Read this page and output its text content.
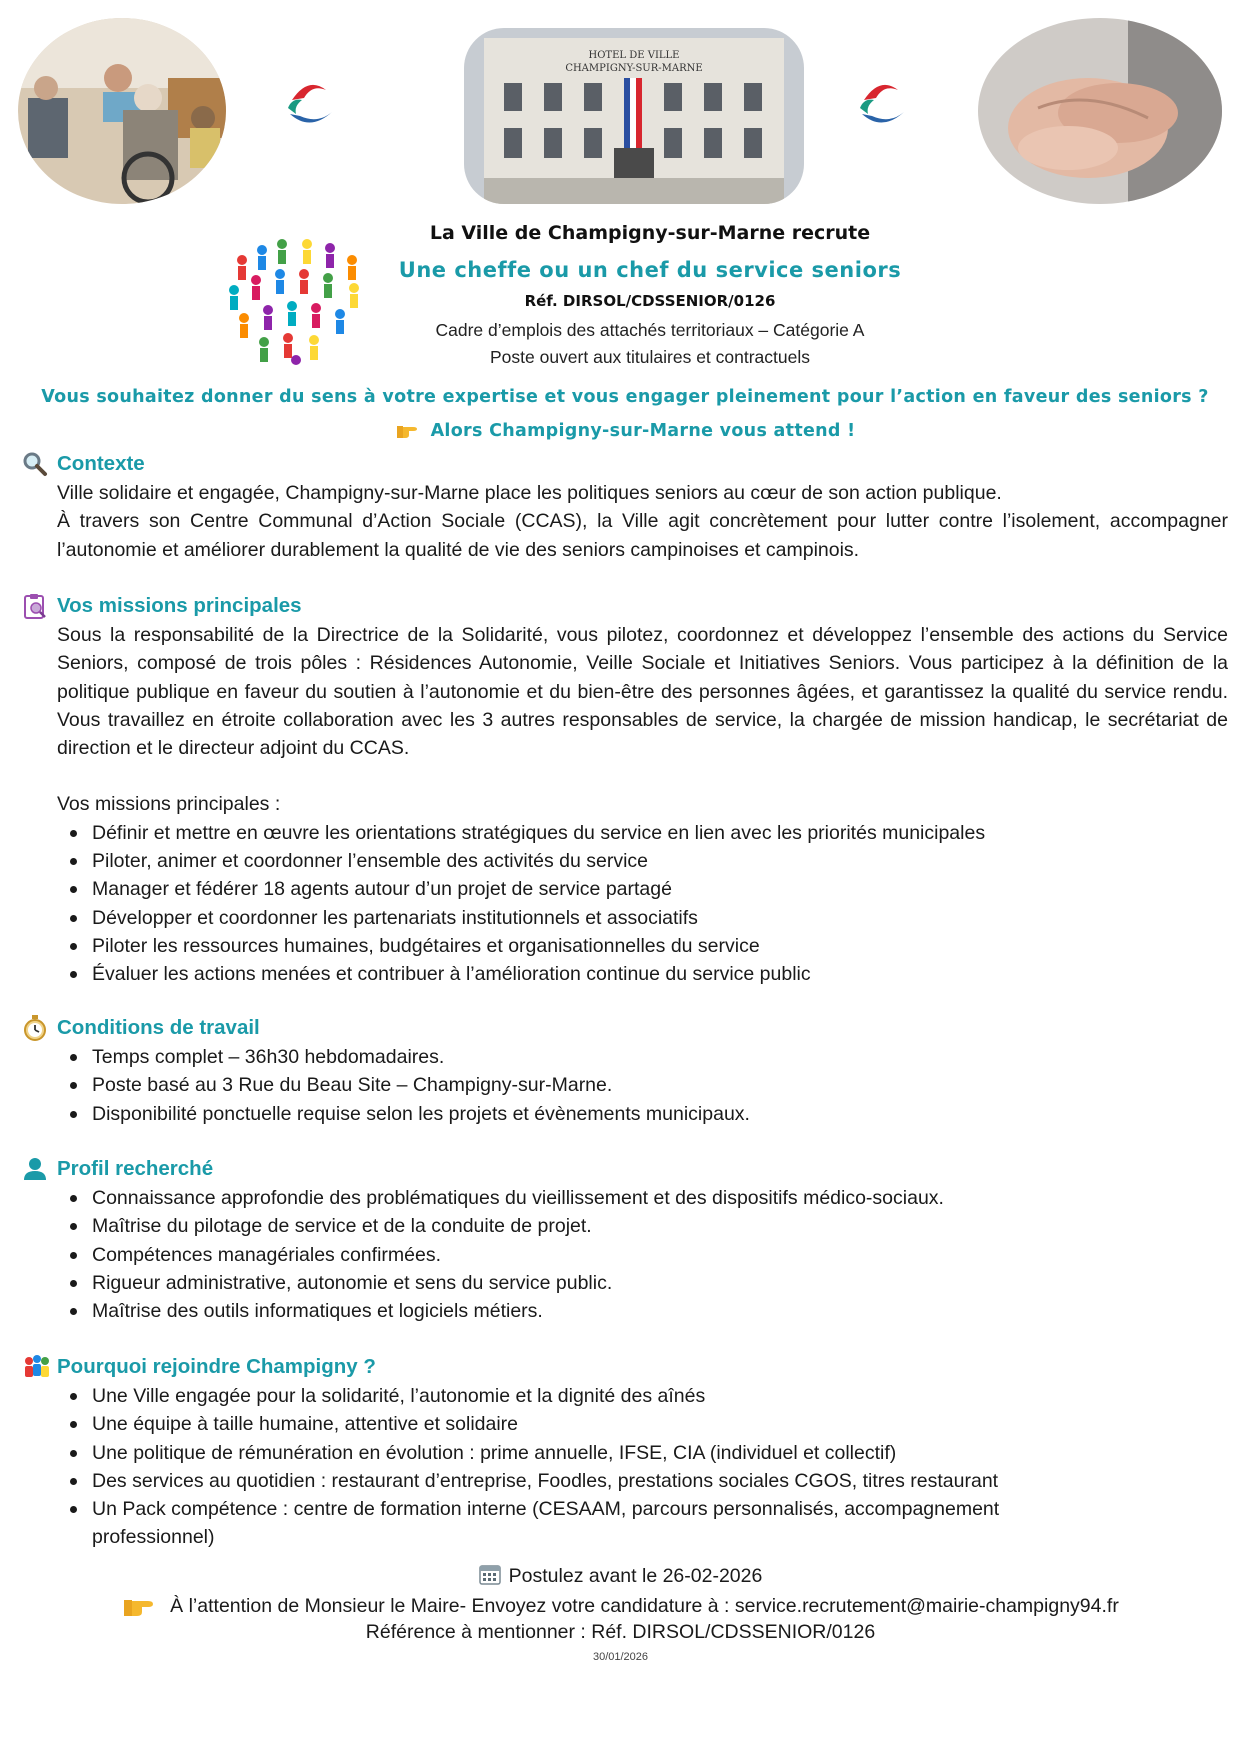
HOTEL DE VILLE
CHAMPIGNY-SUR-MARNE
La Ville de Champigny-sur-Marne recrute
Une cheffe ou un chef du service seniors
Réf. DIRSOL/CDSSENIOR/0126
Cadre d’emplois des attachés territoriaux – Catégorie A
Poste ouvert aux titulaires et contractuels
Vous souhaitez donner du sens à votre expertise et vous engager pleinement pour l’action en faveur des seniors ?
Alors Champigny-sur-Marne vous attend !
Contexte
Ville solidaire et engagée, Champigny-sur-Marne place les politiques seniors au cœur de son action publique.
À travers son Centre Communal d’Action Sociale (CCAS), la Ville agit concrètement pour lutter contre l’isolement, accompagner l’autonomie et améliorer durablement la qualité de vie des seniors campinoises et campinois.
Vos missions principales
Sous la responsabilité de la Directrice de la Solidarité, vous pilotez, coordonnez et développez l’ensemble des actions du Service Seniors, composé de trois pôles : Résidences Autonomie, Veille Sociale et Initiatives Seniors. Vous participez à la définition de la politique publique en faveur du soutien à l’autonomie et du bien-être des personnes âgées, et garantissez la qualité du service rendu. Vous travaillez en étroite collaboration avec les 3 autres responsables de service, la chargée de mission handicap, le secrétariat de direction et le directeur adjoint du CCAS.
Vos missions principales :
Définir et mettre en œuvre les orientations stratégiques du service en lien avec les priorités municipales
Piloter, animer et coordonner l’ensemble des activités du service
Manager et fédérer 18 agents autour d’un projet de service partagé
Développer et coordonner les partenariats institutionnels et associatifs
Piloter les ressources humaines, budgétaires et organisationnelles du service
Évaluer les actions menées et contribuer à l’amélioration continue du service public
Conditions de travail
Temps complet – 36h30 hebdomadaires.
Poste basé au 3 Rue du Beau Site – Champigny-sur-Marne.
Disponibilité ponctuelle requise selon les projets et évènements municipaux.
Profil recherché
Connaissance approfondie des problématiques du vieillissement et des dispositifs médico-sociaux.
Maîtrise du pilotage de service et de la conduite de projet.
Compétences managériales confirmées.
Rigueur administrative, autonomie et sens du service public.
Maîtrise des outils informatiques et logiciels métiers.
Pourquoi rejoindre Champigny ?
Une Ville engagée pour la solidarité, l’autonomie et la dignité des aînés
Une équipe à taille humaine, attentive et solidaire
Une politique de rémunération en évolution : prime annuelle, IFSE, CIA (individuel et collectif)
Des services au quotidien : restaurant d’entreprise, Foodles, prestations sociales CGOS, titres restaurant
Un Pack compétence : centre de formation interne (CESAAM, parcours personnalisés, accompagnement professionnel)
Postulez avant le 26-02-2026
À l’attention de Monsieur le Maire- Envoyez votre candidature à : service.recrutement@mairie-champigny94.fr
Référence à mentionner : Réf. DIRSOL/CDSSENIOR/0126
30/01/2026
